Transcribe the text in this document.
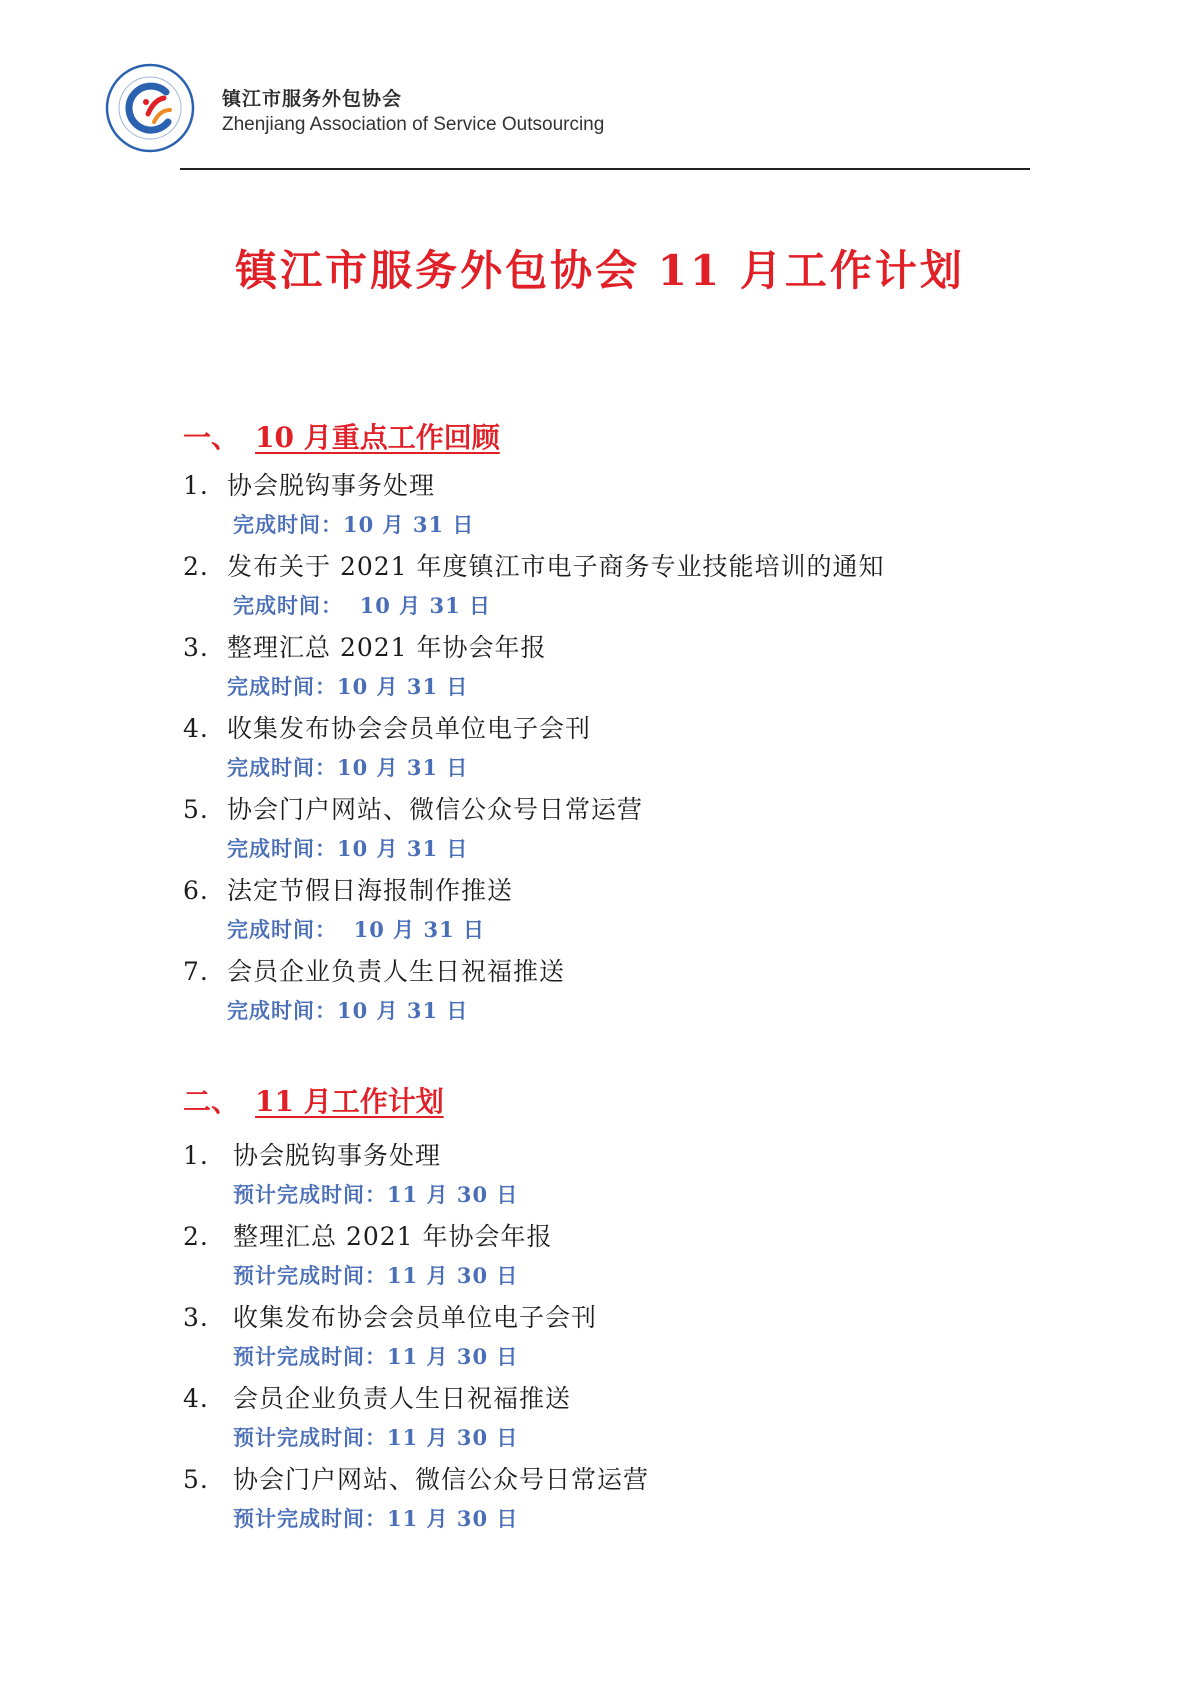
镇江市服务外包协会
Zhenjiang Association of Service Outsourcing
镇江市服务外包协会 11 月工作计划
一、 10 月重点工作回顾
1. 协会脱钩事务处理
完成时间：10 月 31 日
2. 发布关于 2021 年度镇江市电子商务专业技能培训的通知
完成时间：  10 月 31 日
3. 整理汇总 2021 年协会年报
完成时间：10 月 31 日
4. 收集发布协会会员单位电子会刊
完成时间：10 月 31 日
5. 协会门户网站、微信公众号日常运营
完成时间：10 月 31 日
6. 法定节假日海报制作推送
完成时间：  10 月 31 日
7. 会员企业负责人生日祝福推送
完成时间：10 月 31 日
二、 11 月工作计划
1. 协会脱钩事务处理
预计完成时间：11 月 30 日
2. 整理汇总 2021 年协会年报
预计完成时间：11 月 30 日
3. 收集发布协会会员单位电子会刊
预计完成时间：11 月 30 日
4. 会员企业负责人生日祝福推送
预计完成时间：11 月 30 日
5. 协会门户网站、微信公众号日常运营
预计完成时间：11 月 30 日
